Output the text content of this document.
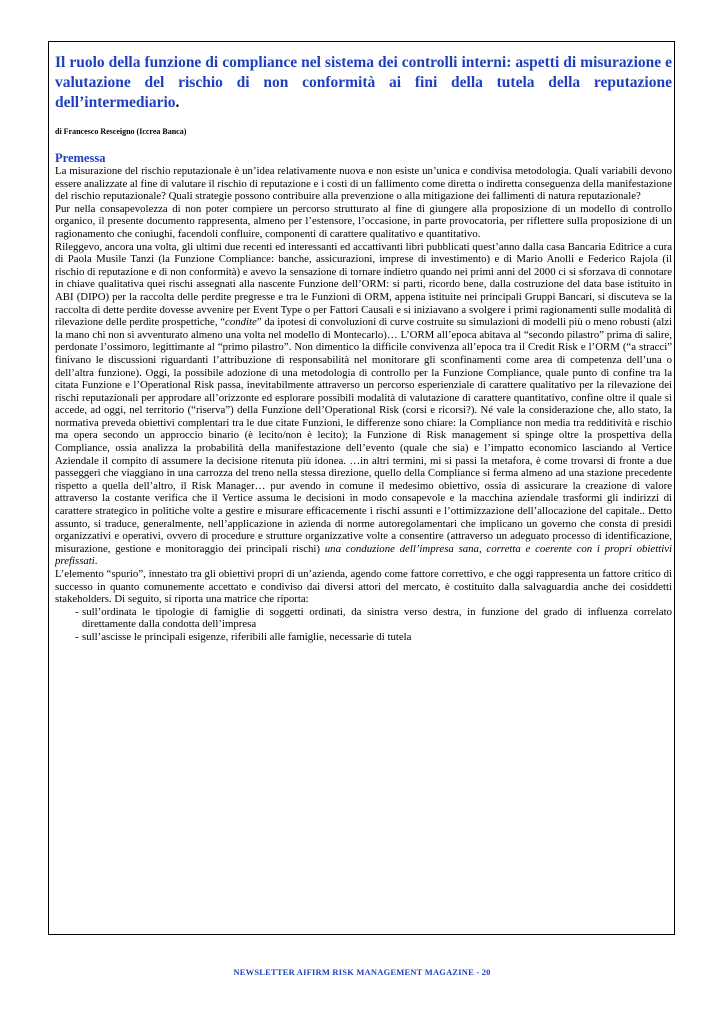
Il ruolo della funzione di compliance nel sistema dei controlli interni: aspetti di misurazione e valutazione del rischio di non conformità ai fini della tutela della reputazione dell’intermediario.
di Francesco Resceigno (Iccrea Banca)
Premessa

La misurazione del rischio reputazionale è un’idea relativamente nuova e non esiste un’unica e condivisa metodologia. Quali variabili devono essere analizzate al fine di valutare il rischio di reputazione e i costi di un fallimento come diretta o indiretta conseguenza della manifestazione del rischio reputazionale? Quali strategie possono contribuire alla prevenzione o alla mitigazione dei fallimenti di natura reputazionale?

Pur nella consapevolezza di non poter compiere un percorso strutturato al fine di giungere alla proposizione di un modello di controllo organico, il presente documento rappresenta, almeno per l’estensore, l’occasione, in parte provocatoria, per riflettere sulla proposizione di un ragionamento che coniughi, facendoli confluire, componenti di carattere qualitativo e quantitativo.

Rileggevo, ancora una volta, gli ultimi due recenti ed interessanti ed accattivanti libri pubblicati quest’anno dalla casa Bancaria Editrice a cura di Paola Musile Tanzi (la Funzione Compliance: banche, assicurazioni, imprese di investimento) e di Mario Anolli e Federico Rajola (il rischio di reputazione e di non conformità) e avevo la sensazione di tornare indietro quando nei primi anni del 2000 ci si sforzava di connotare in chiave qualitativa quei rischi assegnati alla nascente Funzione dell’ORM: si parti, ricordo bene, dalla costruzione del data base istituito in ABI (DIPO) per la raccolta delle perdite pregresse e tra le Funzioni di ORM, appena istituite nei principali Gruppi Bancari, si discuteva se la raccolta di dette perdite dovesse avvenire per Event Type o per Fattori Causali e si iniziavano a svolgere i primi ragionamenti sulle modalità di rilevazione delle perdite prospettiche, “condite” da ipotesi di convoluzioni di curve costruite su simulazioni di modelli più o meno robusti (alzi la mano chi non si avventurato almeno una volta nel modello di Montecarlo)… L’ORM all’epoca abitava al “secondo pilastro” prima di salire, perdonate l’ossimoro, legittimante al “primo pilastro”. Non dimentico la difficile convivenza all’epoca tra il Credit Risk e l’ORM (“a stracci” finivano le discussioni riguardanti l’attribuzione di responsabilità nel monitorare gli sconfinamenti come area di competenza dell’una o dell’altra funzione). Oggi, la possibile adozione di una metodologia di controllo per la Funzione Compliance, quale punto di confine tra la citata Funzione e l’Operational Risk passa, inevitabilmente attraverso un percorso esperienziale di carattere qualitativo per la rilevazione dei rischi reputazionali per approdare all’orizzonte ed esplorare possibili modalità di valutazione di carattere quantitativo, confine oltre il quale si accede, ad oggi, nel territorio (“riserva”) della Funzione dell’Operational Risk (corsi e ricorsi?). Né vale la considerazione che, allo stato, la normativa preveda obiettivi complentari tra le due citate Funzioni, le differenze sono chiare: la Compliance non media tra redditività e rischio ma opera secondo un approccio binario (è lecito/non è lecito); la Funzione di Risk management si spinge oltre la prospettiva della Compliance, ossia analizza la probabilità della manifestazione dell’evento (quale che sia) e l’impatto economico lasciando al Vertice Aziendale il compito di assumere la decisione ritenuta più idonea. …in altri termini, mi si passi la metafora, è come trovarsi di fronte a due passeggeri che viaggiano in una carrozza del treno nella stessa direzione, quello della Compliance si ferma almeno ad una stazione precedente rispetto a quella dell’altro, il Risk Manager… pur avendo in comune il medesimo obiettivo, ossia di assicurare la creazione di valore attraverso la costante verifica che il Vertice assuma le decisioni in modo consapevole e la macchina aziendale trasformi gli indirizzi di carattere strategico in politiche volte a gestire e misurare efficacemente i rischi assunti e l’ottimizzazione dell’allocazione del capitale.. Detto assunto, si traduce, generalmente, nell’applicazione in azienda di norme autoregolamentari che implicano un governo che consta di presidi organizzativi e operativi, ovvero di procedure e strutture organizzative volte a consentire (attraverso un adeguato processo di identificazione, misurazione, gestione e monitoraggio dei principali rischi) una conduzione dell’impresa sana, corretta e coerente con i propri obiettivi prefissati.

L’elemento “spurio”, innestato tra gli obiettivi propri di un’azienda, agendo come fattore correttivo, e che oggi rappresenta un fattore critico di successo in quanto comunemente accettato e condiviso dai diversi attori del mercato, è costituito dalla salvaguardia anche dei cosiddetti stakeholders. Di seguito, si riporta una matrice che riporta:

- sull’ordinata le tipologie di famiglie di soggetti ordinati, da sinistra verso destra, in funzione del grado di influenza correlato direttamente dalla condotta dell’impresa
- sull’ascisse le principali esigenze, riferibili alle famiglie, necessarie di tutela
NEWSLETTER AIFIRM RISK MANAGEMENT MAGAZINE - 20
